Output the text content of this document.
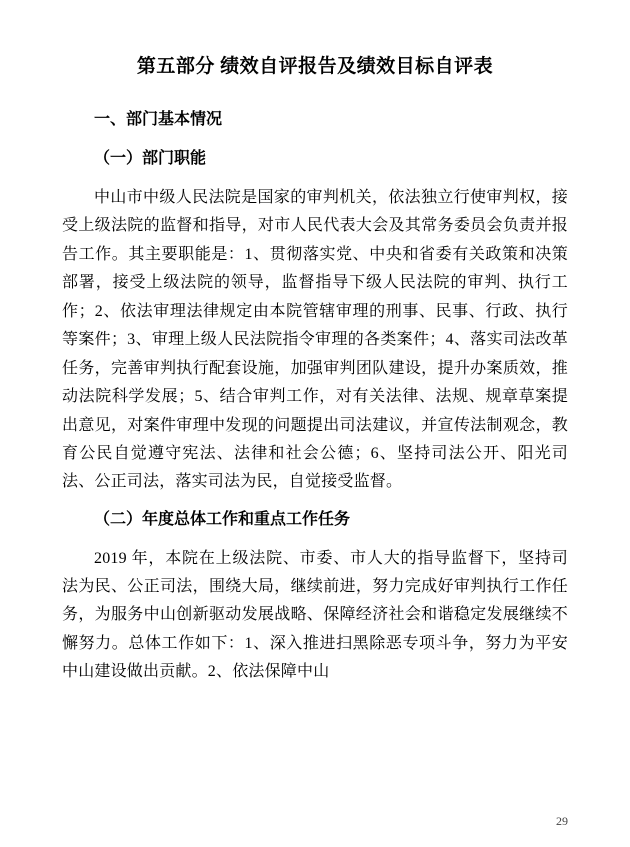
第五部分 绩效自评报告及绩效目标自评表
一、部门基本情况
（一）部门职能

中山市中级人民法院是国家的审判机关，依法独立行使审判权，接受上级法院的监督和指导，对市人民代表大会及其常务委员会负责并报告工作。其主要职能是：1、贯彻落实党、中央和省委有关政策和决策部署，接受上级法院的领导，监督指导下级人民法院的审判、执行工作；2、依法审理法律规定由本院管辖审理的刑事、民事、行政、执行等案件；3、审理上级人民法院指令审理的各类案件；4、落实司法改革任务，完善审判执行配套设施，加强审判团队建设，提升办案质效，推动法院科学发展；5、结合审判工作，对有关法律、法规、规章草案提出意见，对案件审理中发现的问题提出司法建议，并宣传法制观念，教育公民自觉遵守宪法、法律和社会公德；6、坚持司法公开、阳光司法、公正司法，落实司法为民，自觉接受监督。

（二）年度总体工作和重点工作任务

2019 年，本院在上级法院、市委、市人大的指导监督下，坚持司法为民、公正司法，围绕大局，继续前进，努力完成好审判执行工作任务，为服务中山创新驱动发展战略、保障经济社会和谐稳定发展继续不懈努力。总体工作如下：1、深入推进扫黑除恶专项斗争，努力为平安中山建设做出贡献。2、依法保障中山

29
